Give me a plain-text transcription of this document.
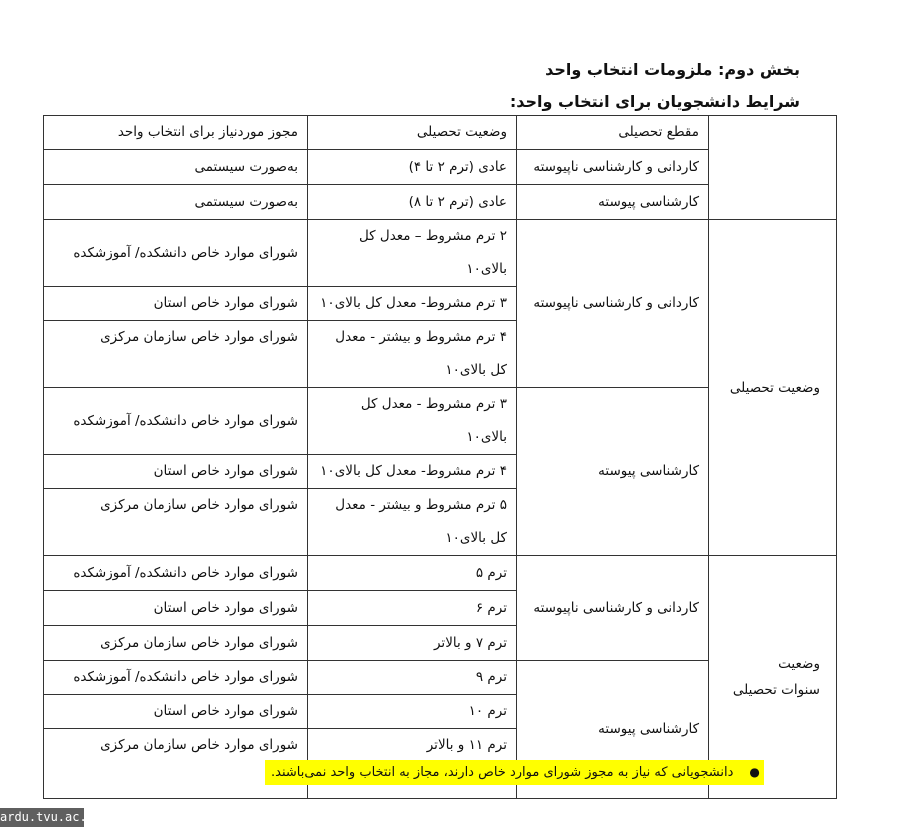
بخش دوم: ملزومات انتخاب واحد
شرایط دانشجویان برای انتخاب واحد:
	مقطع تحصیلی	وضعیت تحصیلی	مجوز موردنیاز برای انتخاب واحد
	کاردانی و کارشناسی ناپیوسته	عادی (ترم ۲ تا ۴)	به‌صورت سیستمی
	کارشناسی پیوسته	عادی (ترم ۲ تا ۸)	به‌صورت سیستمی
وضعیت تحصیلی	کاردانی و کارشناسی ناپیوسته	۲ ترم مشروط – معدل کل بالای۱۰	شورای موارد خاص دانشکده/ آموزشکده
		۳ ترم مشروط- معدل کل بالای۱۰	شورای موارد خاص استان
		۴ ترم مشروط و بیشتر - معدل کل بالای۱۰	شورای موارد خاص سازمان مرکزی
	کارشناسی پیوسته	۳ ترم مشروط - معدل کل بالای۱۰	شورای موارد خاص دانشکده/ آموزشکده
		۴ ترم مشروط- معدل کل بالای۱۰	شورای موارد خاص استان
		۵ ترم مشروط و بیشتر - معدل کل بالای۱۰	شورای موارد خاص سازمان مرکزی

وضعیت
سنوات تحصیلی	کاردانی و کارشناسی ناپیوسته	ترم ۵	شورای موارد خاص دانشکده/ آموزشکده
		ترم ۶	شورای موارد خاص استان
		ترم ۷ و بالاتر	شورای موارد خاص سازمان مرکزی
	کارشناسی پیوسته	ترم ۹	شورای موارد خاص دانشکده/ آموزشکده
		ترم ۱۰	شورای موارد خاص استان
		ترم ۱۱ و بالاتر	شورای موارد خاص سازمان مرکزی
●دانشجویانی که نیاز به مجوز شورای موارد خاص دارند، مجاز به انتخاب واحد نمی‌باشند.
ardu.tvu.ac.ir
